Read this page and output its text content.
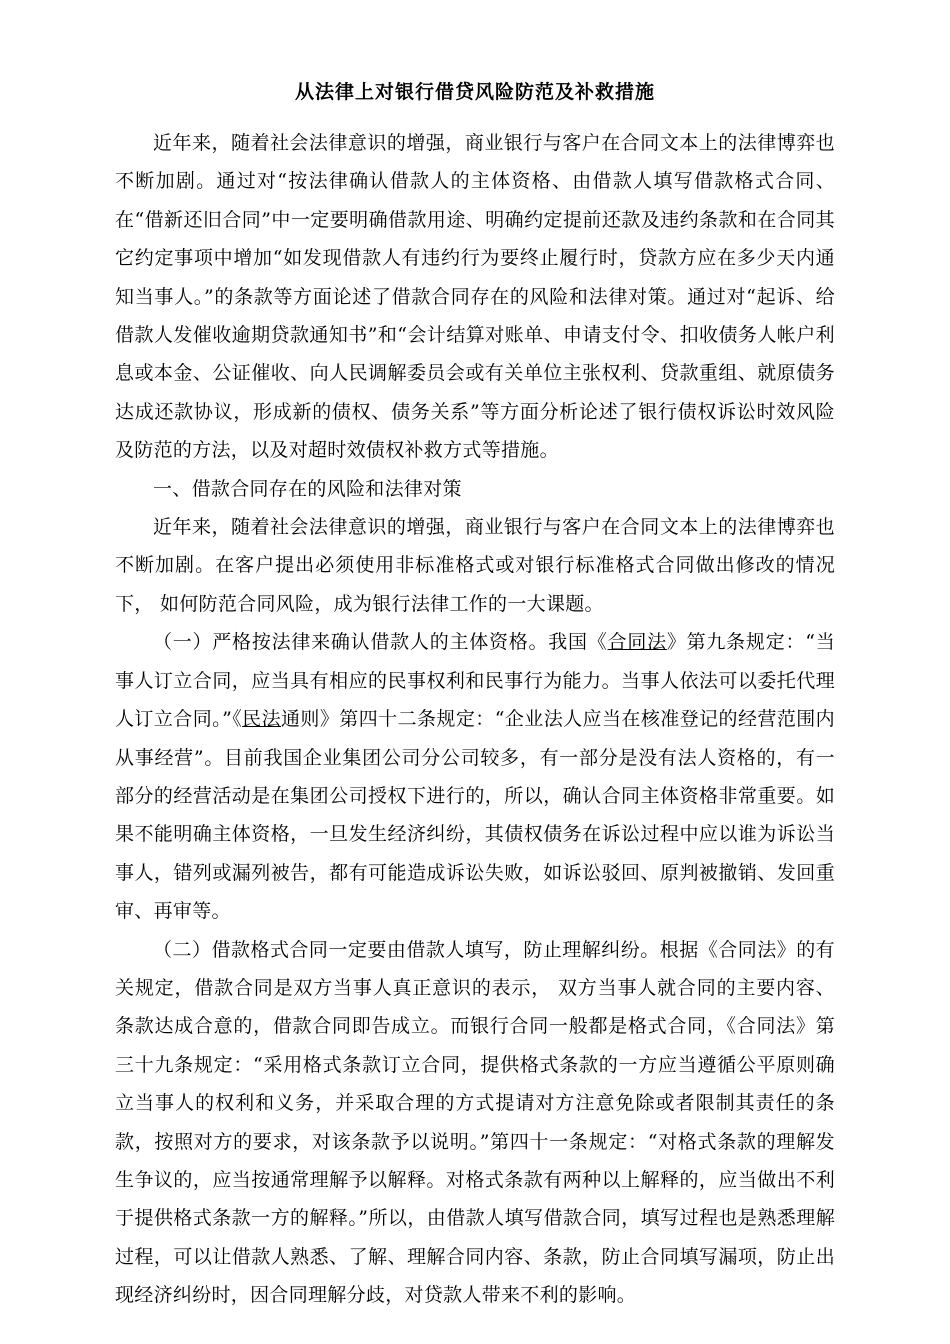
从法律上对银行借贷风险防范及补救措施

近年来，随着社会法律意识的增强，商业银行与客户在合同文本上的法律博弈也不断加剧。通过对“按法律确认借款人的主体资格、由借款人填写借款格式合同、在“借新还旧合同”中一定要明确借款用途、明确约定提前还款及违约条款和在合同其它约定事项中增加“如发现借款人有违约行为要终止履行时，贷款方应在多少天内通知当事人。”的条款等方面论述了借款合同存在的风险和法律对策。通过对“起诉、给借款人发催收逾期贷款通知书”和“会计结算对账单、申请支付令、扣收债务人帐户利息或本金、公证催收、向人民调解委员会或有关单位主张权利、贷款重组、就原债务达成还款协议，形成新的债权、债务关系”等方面分析论述了银行债权诉讼时效风险及防范的方法，以及对超时效债权补救方式等措施。

一、借款合同存在的风险和法律对策

近年来，随着社会法律意识的增强，商业银行与客户在合同文本上的法律博弈也不断加剧。在客户提出必须使用非标准格式或对银行标准格式合同做出修改的情况下， 如何防范合同风险，成为银行法律工作的一大课题。

（一）严格按法律来确认借款人的主体资格。我国《合同法》第九条规定：“当事人订立合同，应当具有相应的民事权利和民事行为能力。当事人依法可以委托代理人订立合同。”《民法通则》第四十二条规定：“企业法人应当在核准登记的经营范围内从事经营”。目前我国企业集团公司分公司较多，有一部分是没有法人资格的，有一部分的经营活动是在集团公司授权下进行的，所以，确认合同主体资格非常重要。如果不能明确主体资格，一旦发生经济纠纷，其债权债务在诉讼过程中应以谁为诉讼当事人，错列或漏列被告，都有可能造成诉讼失败，如诉讼驳回、原判被撤销、发回重审、再审等。

（二）借款格式合同一定要由借款人填写，防止理解纠纷。根据《合同法》的有关规定，借款合同是双方当事人真正意识的表示， 双方当事人就合同的主要内容、条款达成合意的，借款合同即告成立。而银行合同一般都是格式合同，《合同法》第三十九条规定：“采用格式条款订立合同，提供格式条款的一方应当遵循公平原则确立当事人的权利和义务，并采取合理的方式提请对方注意免除或者限制其责任的条款，按照对方的要求，对该条款予以说明。”第四十一条规定：“对格式条款的理解发生争议的，应当按通常理解予以解释。对格式条款有两种以上解释的，应当做出不利于提供格式条款一方的解释。”所以，由借款人填写借款合同，填写过程也是熟悉理解过程，可以让借款人熟悉、了解、理解合同内容、条款，防止合同填写漏项，防止出现经济纠纷时，因合同理解分歧，对贷款人带来不利的影响。
